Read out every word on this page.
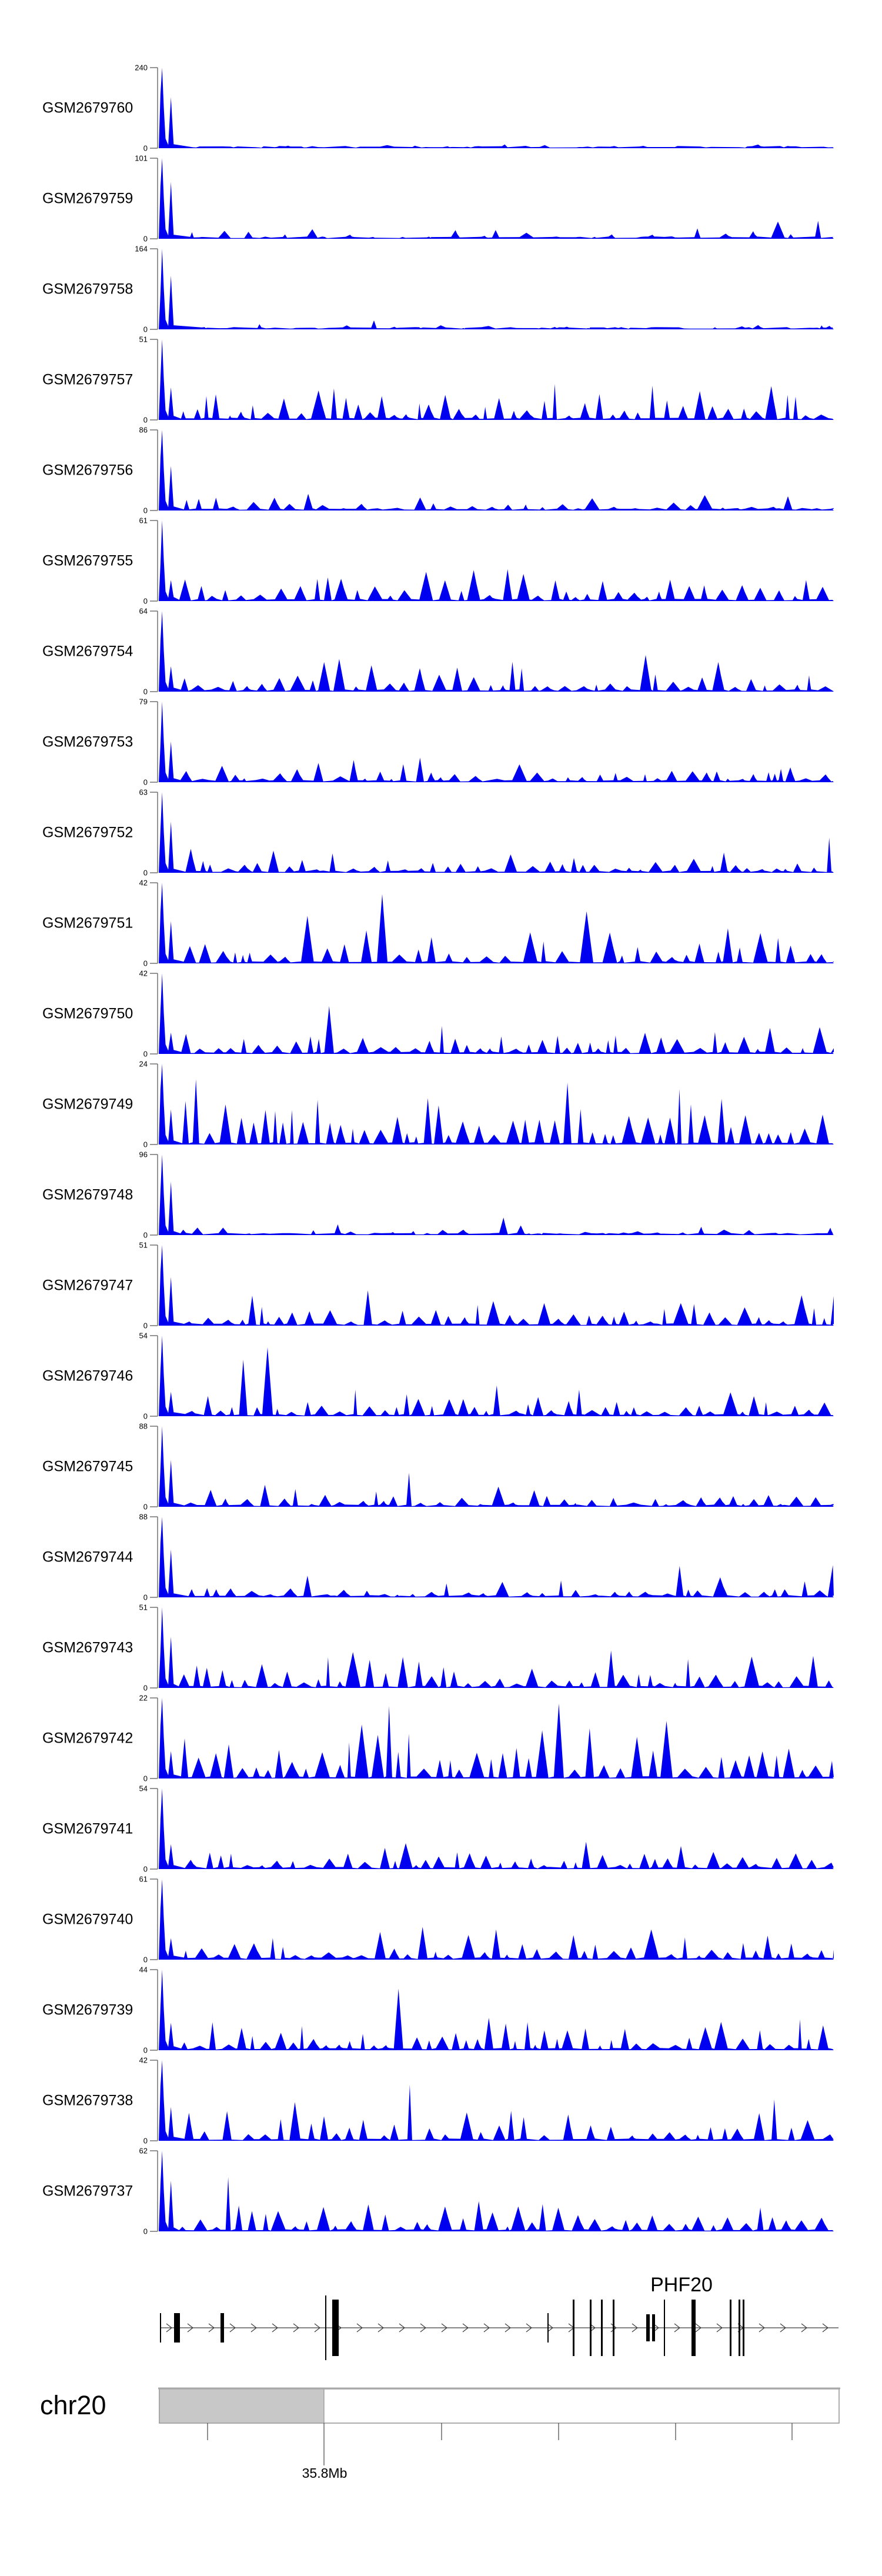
GSM2679760
240
0
GSM2679759
101
0
GSM2679758
164
0
GSM2679757
51
0
GSM2679756
86
0
GSM2679755
61
0
GSM2679754
64
0
GSM2679753
79
0
GSM2679752
63
0
GSM2679751
42
0
GSM2679750
42
0
GSM2679749
24
0
GSM2679748
96
0
GSM2679747
51
0
GSM2679746
54
0
GSM2679745
88
0
GSM2679744
88
0
GSM2679743
51
0
GSM2679742
22
0
GSM2679741
54
0
GSM2679740
61
0
GSM2679739
44
0
GSM2679738
42
0
GSM2679737
62
0
PHF20
chr20
35.8Mb
